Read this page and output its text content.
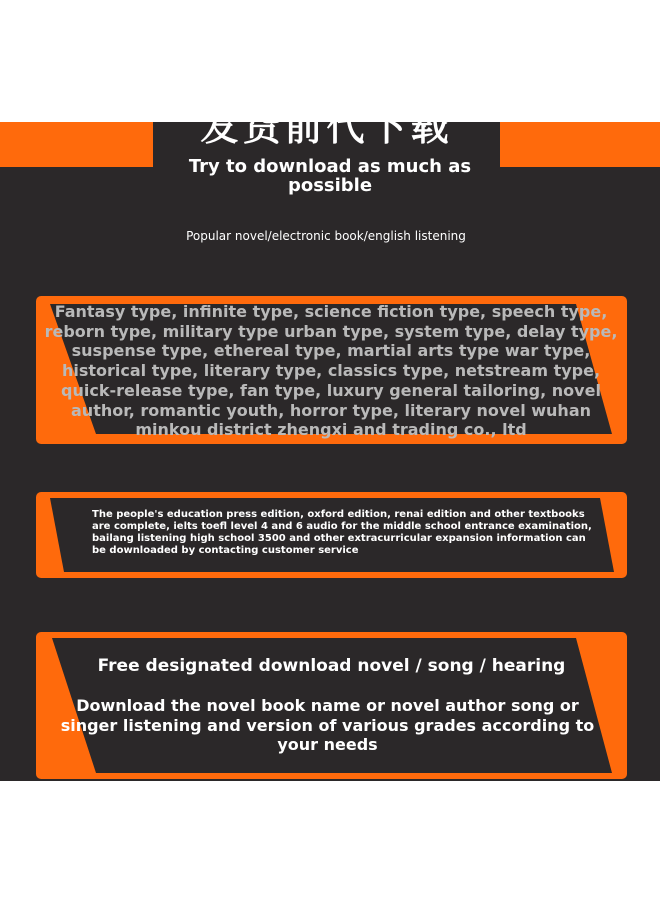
发货前代下载
Try to download as much as possible
Popular novel/electronic book/english listening
Fantasy type, infinite type, science fiction type, speech type, reborn type, military type urban type, system type, delay type, suspense type, ethereal type, martial arts type war type, historical type, literary type, classics type, netstream type, quick-release type, fan type, luxury general tailoring, novel author, romantic youth, horror type, literary novel wuhan minkou district zhengxi and trading co., ltd
The people's education press edition, oxford edition, renai edition and other textbooks are complete, ielts toefl level 4 and 6 audio for the middle school entrance examination, bailang listening high school 3500 and other extracurricular expansion information can be downloaded by contacting customer service
Free designated download novel / song / hearing
Download the novel book name or novel author song or singer listening and version of various grades according to your needs
